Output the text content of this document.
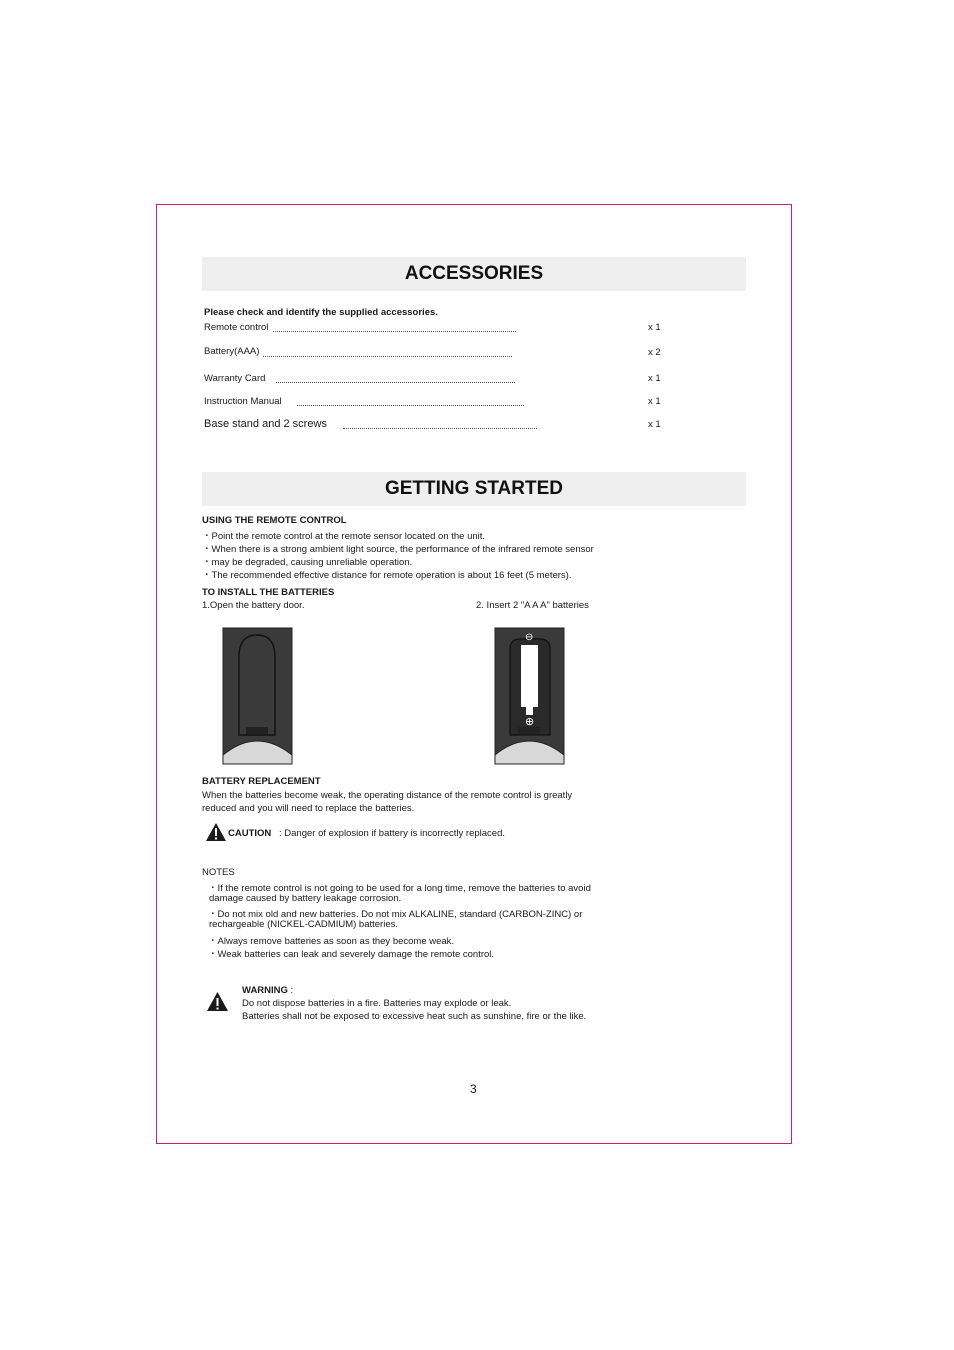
ACCESSORIES
Please check and identify the supplied accessories.
Remote control	x 1
Battery(AAA)	x 2
Warranty Card	x 1
Instruction Manual	x 1
Base stand and 2 screws	x 1
GETTING STARTED
USING THE REMOTE CONTROL
・ Point the remote control at the remote sensor located on the unit.
・ When there is a strong ambient light source, the performance of the infrared remote sensor
・ may be degraded, causing unreliable operation.
・ The recommended effective distance for remote operation is about 16 feet (5 meters).
TO INSTALL THE BATTERIES
1.Open the battery door.	2. Insert 2 "A A A" batteries
⊖
⊕
BATTERY REPLACEMENT
When the batteries become weak, the operating distance of the remote control is greatly
reduced and you will need to replace the batteries.
CAUTION : Danger of explosion if battery is incorrectly replaced.
NOTES
・ If the remote control is not going to be used for a long time, remove the batteries to avoid
damage caused by battery leakage corrosion.
・ Do not mix old and new batteries. Do not mix ALKALINE, standard (CARBON-ZINC) or
rechargeable (NICKEL-CADMIUM) batteries.
・ Always remove batteries as soon as they become weak.
・ Weak batteries can leak and severely damage the remote control.
WARNING :
Do not dispose batteries in a fire. Batteries may explode or leak.
Batteries shall not be exposed to excessive heat such as sunshine, fire or the like.
3
